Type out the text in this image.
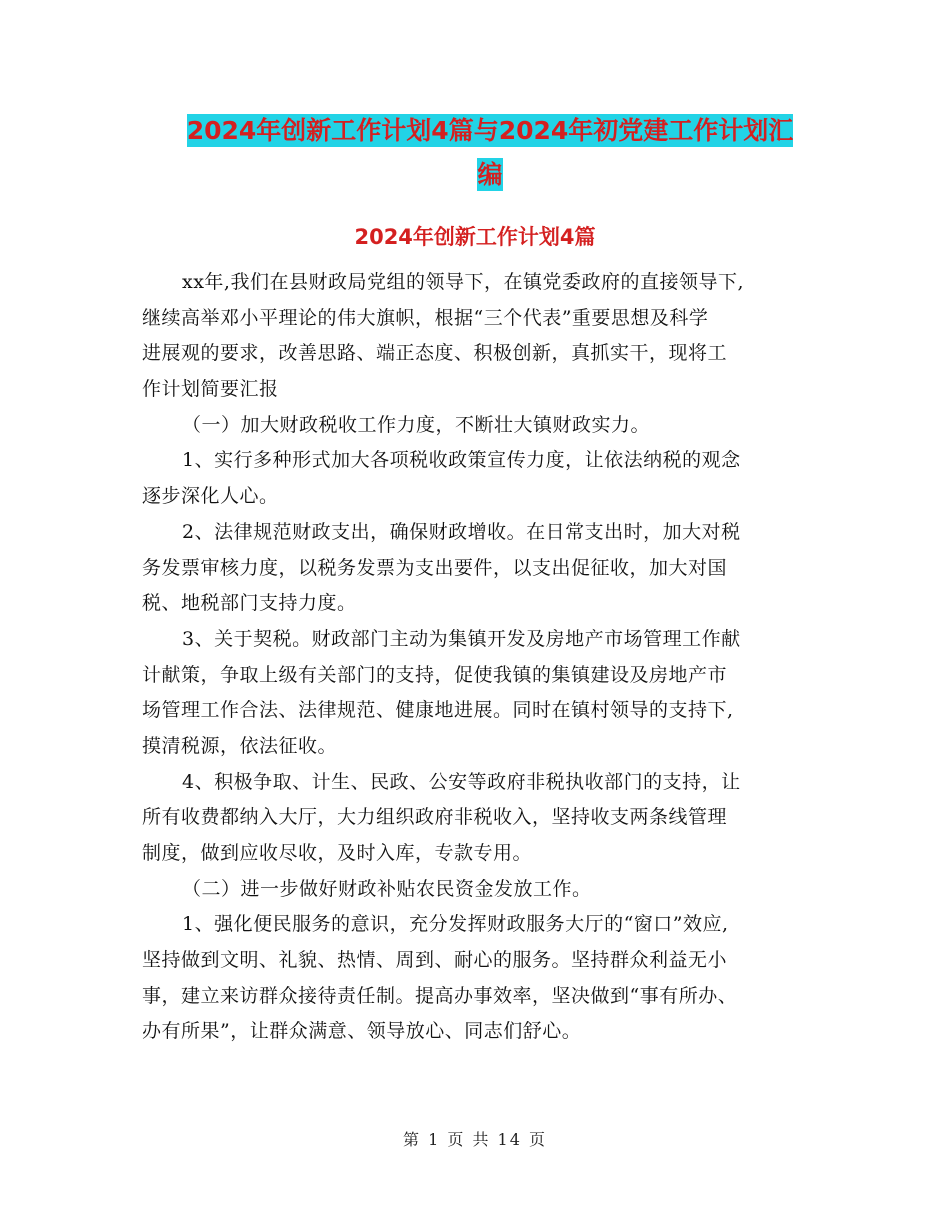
2024年创新工作计划4篇与2024年初党建工作计划汇
编
2024年创新工作计划4篇
xx年,我们在县财政局党组的领导下，在镇党委政府的直接领导下,
继续高举邓小平理论的伟大旗帜，根据“三个代表”重要思想及科学
进展观的要求，改善思路、端正态度、积极创新，真抓实干，现将工
作计划简要汇报
（一）加大财政税收工作力度，不断壮大镇财政实力。
1、实行多种形式加大各项税收政策宣传力度，让依法纳税的观念
逐步深化人心。
2、法律规范财政支出，确保财政增收。在日常支出时，加大对税
务发票审核力度，以税务发票为支出要件，以支出促征收，加大对国
税、地税部门支持力度。
3、关于契税。财政部门主动为集镇开发及房地产市场管理工作献
计献策，争取上级有关部门的支持，促使我镇的集镇建设及房地产市
场管理工作合法、法律规范、健康地进展。同时在镇村领导的支持下,
摸清税源，依法征收。
4、积极争取、计生、民政、公安等政府非税执收部门的支持，让
所有收费都纳入大厅，大力组织政府非税收入，坚持收支两条线管理
制度，做到应收尽收，及时入库，专款专用。
（二）进一步做好财政补贴农民资金发放工作。
1、强化便民服务的意识，充分发挥财政服务大厅的“窗口”效应,
坚持做到文明、礼貌、热情、周到、耐心的服务。坚持群众利益无小
事，建立来访群众接待责任制。提高办事效率，坚决做到“事有所办、
办有所果”，让群众满意、领导放心、同志们舒心。
第 1 页 共 14 页
